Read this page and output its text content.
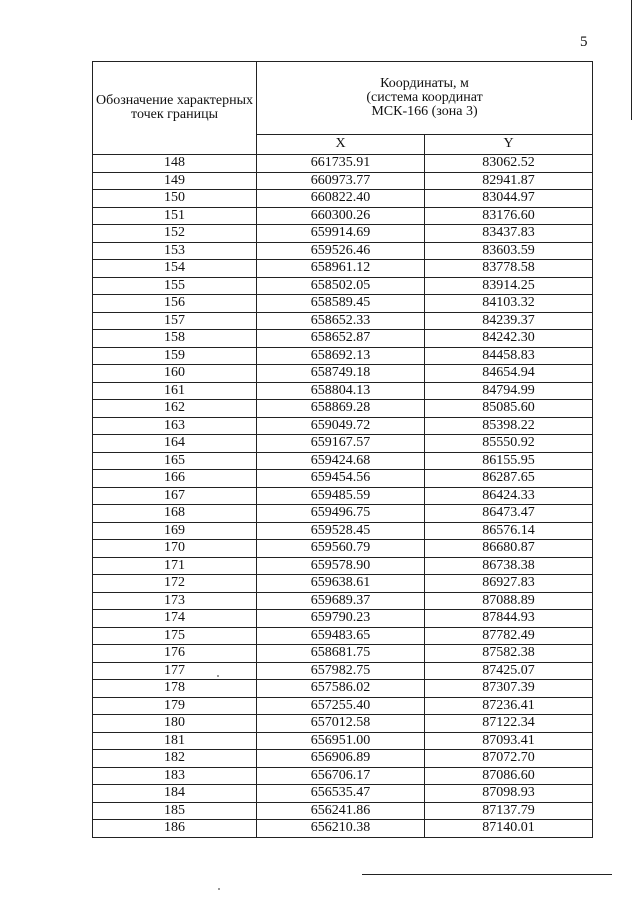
5
Обозначение характерных точек границы	Координаты, м
(система координат
МСК-166 (зона 3)	

	X	Y
148	661735.91	83062.52
149	660973.77	82941.87
150	660822.40	83044.97
151	660300.26	83176.60
152	659914.69	83437.83
153	659526.46	83603.59
154	658961.12	83778.58
155	658502.05	83914.25
156	658589.45	84103.32
157	658652.33	84239.37
158	658652.87	84242.30
159	658692.13	84458.83
160	658749.18	84654.94
161	658804.13	84794.99
162	658869.28	85085.60
163	659049.72	85398.22
164	659167.57	85550.92
165	659424.68	86155.95
166	659454.56	86287.65
167	659485.59	86424.33
168	659496.75	86473.47
169	659528.45	86576.14
170	659560.79	86680.87
171	659578.90	86738.38
172	659638.61	86927.83
173	659689.37	87088.89
174	659790.23	87844.93
175	659483.65	87782.49
176	658681.75	87582.38
177	657982.75	87425.07
178	657586.02	87307.39
179	657255.40	87236.41
180	657012.58	87122.34
181	656951.00	87093.41
182	656906.89	87072.70
183	656706.17	87086.60
184	656535.47	87098.93
185	656241.86	87137.79
186	656210.38	87140.01
